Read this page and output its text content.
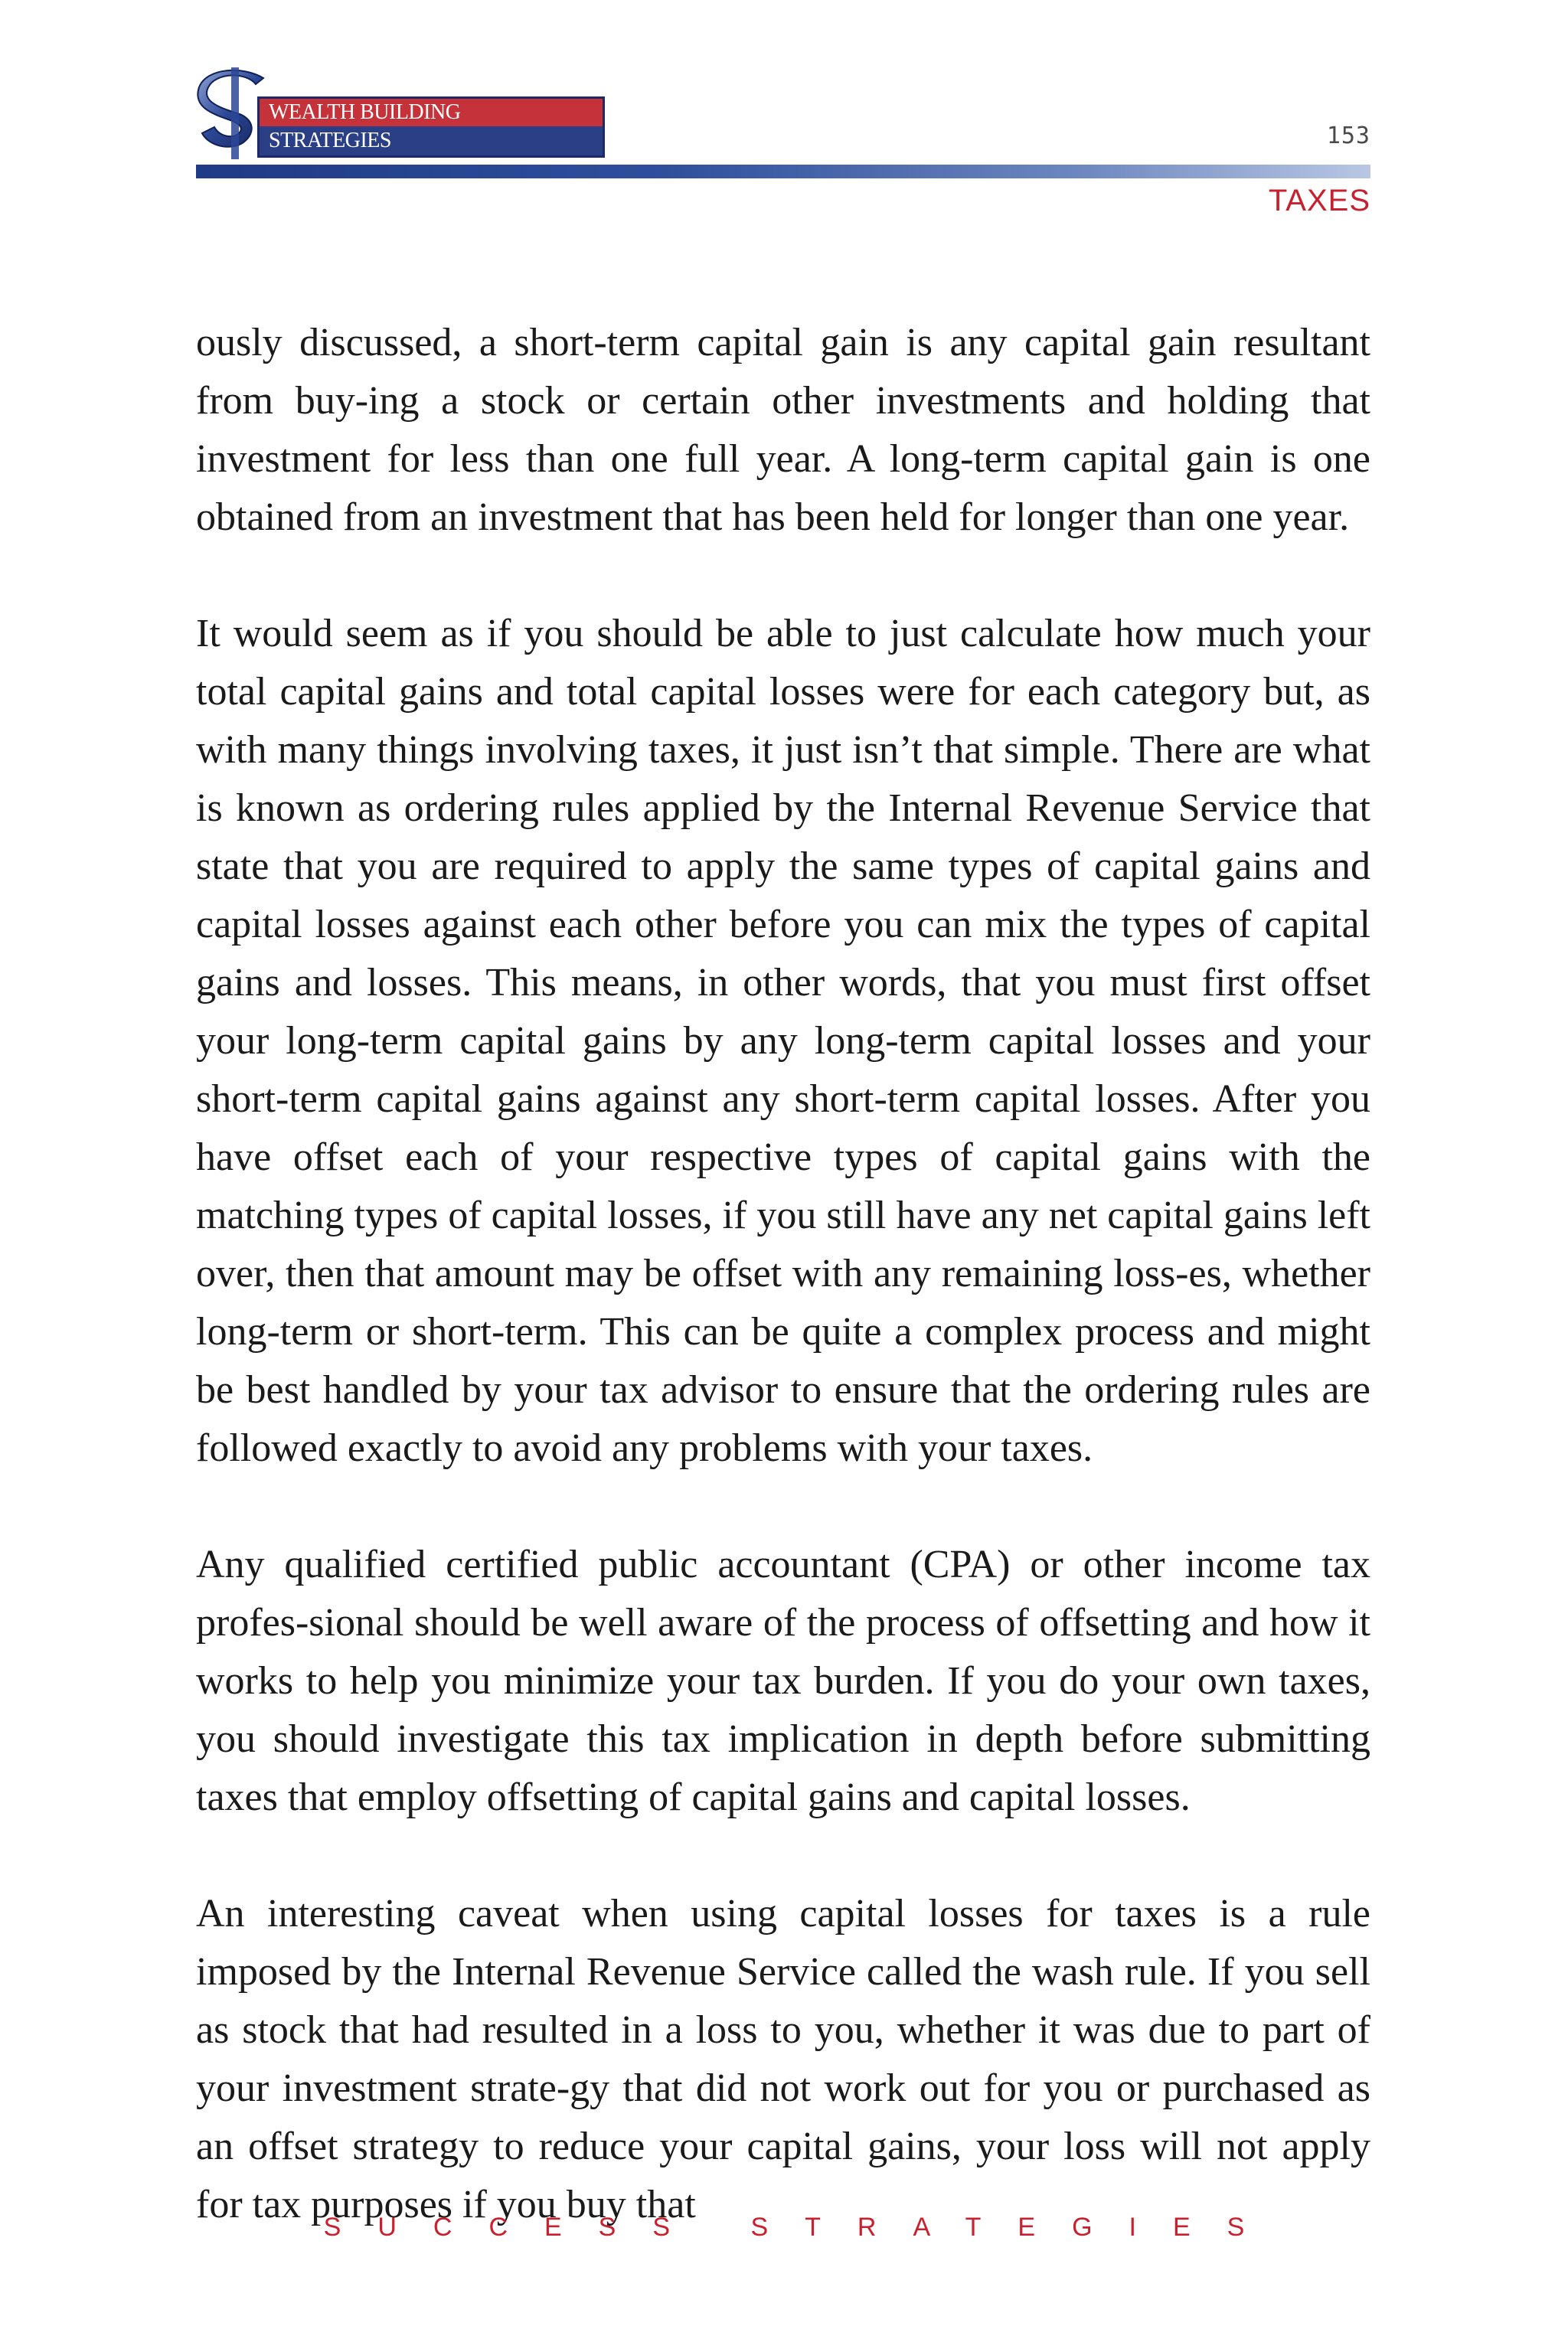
WEALTH BUILDING
STRATEGIES	153
TAXES

ously discussed, a short-term capital gain is any capital gain resultant from buy-ing a stock or certain other investments and holding that investment for less than one full year. A long-term capital gain is one obtained from an investment that has been held for longer than one year.

It would seem as if you should be able to just calculate how much your total capital gains and total capital losses were for each category but, as with many things involving taxes, it just isn’t that simple. There are what is known as ordering rules applied by the Internal Revenue Service that state that you are required to apply the same types of capital gains and capital losses against each other before you can mix the types of capital gains and losses. This means, in other words, that you must first offset your long-term capital gains by any long-term capital losses and your short-term capital gains against any short-term capital losses. After you have offset each of your respective types of capital gains with the matching types of capital losses, if you still have any net capital gains left over, then that amount may be offset with any remaining loss-es, whether long-term or short-term. This can be quite a complex process and might be best handled by your tax advisor to ensure that the ordering rules are followed exactly to avoid any problems with your taxes.

Any qualified certified public accountant (CPA) or other income tax profes-sional should be well aware of the process of offsetting and how it works to help you minimize your tax burden. If you do your own taxes, you should investigate this tax implication in depth before submitting taxes that employ offsetting of capital gains and capital losses.

An interesting caveat when using capital losses for taxes is a rule imposed by the Internal Revenue Service called the wash rule. If you sell as stock that had resulted in a loss to you, whether it was due to part of your investment strate-gy that did not work out for you or purchased as an offset strategy to reduce your capital gains, your loss will not apply for tax purposes if you buy that

SUCCESS STRATEGIES
